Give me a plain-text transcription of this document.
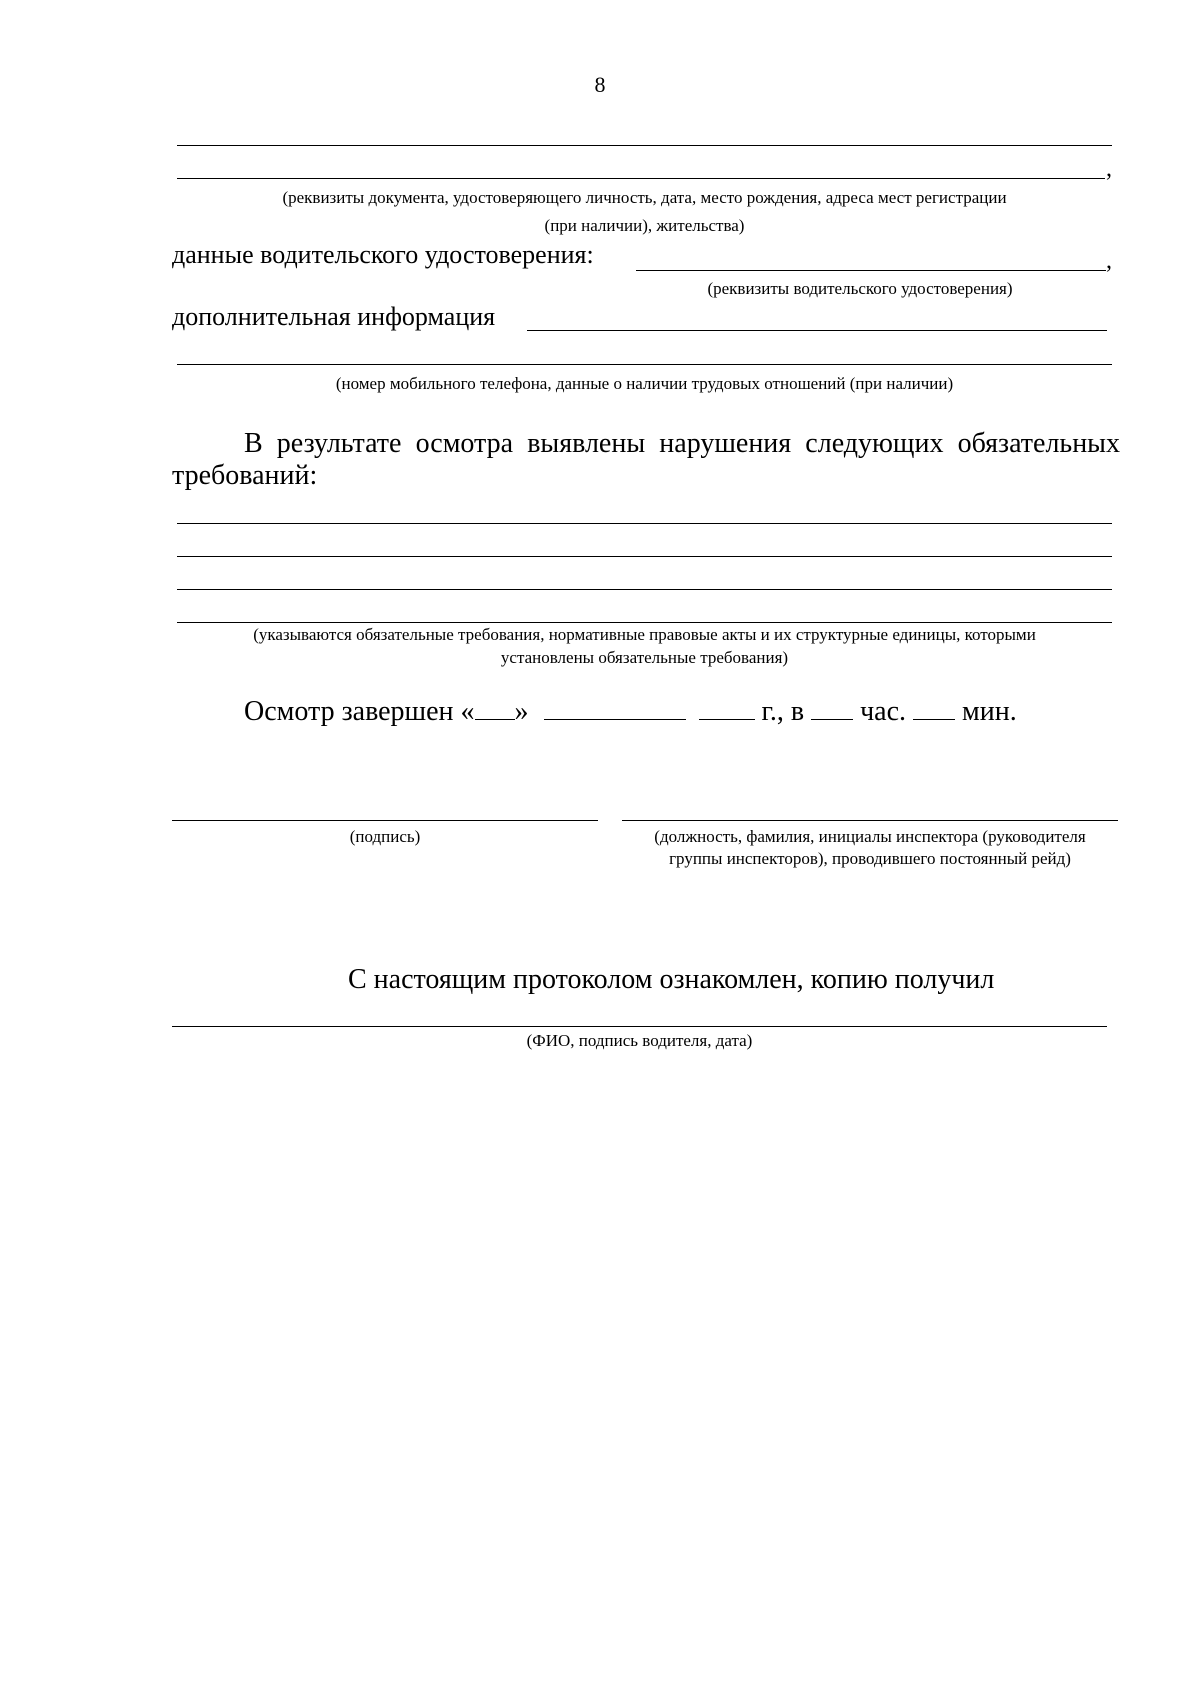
8
,
(реквизиты документа, удостоверяющего личность, дата, место рождения, адреса мест регистрации
(при наличии), жительства)
данные водительского удостоверения:	,
(реквизиты водительского удостоверения)
дополнительная информация
(номер мобильного телефона, данные о наличии трудовых отношений (при наличии)
В результате осмотра выявлены нарушения следующих обязательных
требований:
(указываются обязательные требования, нормативные правовые акты и их структурные единицы, которыми
установлены обязательные требования)
Осмотр завершен « »	г., в час. мин.
(подпись)	(должность, фамилия, инициалы инспектора (руководителя
группы инспекторов), проводившего постоянный рейд)
С настоящим протоколом ознакомлен, копию получил
(ФИО, подпись водителя, дата)
